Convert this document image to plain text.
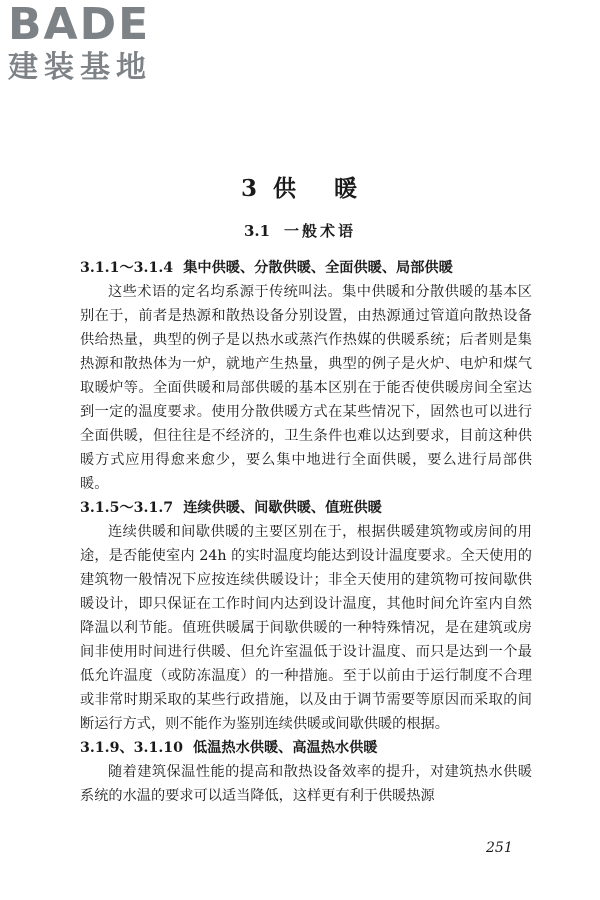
BADE
建装基地
3 供 暖
3.1 一般术语
3.1.1～3.1.4 集中供暖、分散供暖、全面供暖、局部供暖
这些术语的定名均系源于传统叫法。集中供暖和分散供暖的基本区别在于，前者是热源和散热设备分别设置，由热源通过管道向散热设备供给热量，典型的例子是以热水或蒸汽作热媒的供暖系统；后者则是集热源和散热体为一炉，就地产生热量，典型的例子是火炉、电炉和煤气取暖炉等。全面供暖和局部供暖的基本区别在于能否使供暖房间全室达到一定的温度要求。使用分散供暖方式在某些情况下，固然也可以进行全面供暖，但往往是不经济的，卫生条件也难以达到要求，目前这种供暖方式应用得愈来愈少，要么集中地进行全面供暖，要么进行局部供暖。
3.1.5～3.1.7 连续供暖、间歇供暖、值班供暖
连续供暖和间歇供暖的主要区别在于，根据供暖建筑物或房间的用途，是否能使室内 24h 的实时温度均能达到设计温度要求。全天使用的建筑物一般情况下应按连续供暖设计；非全天使用的建筑物可按间歇供暖设计，即只保证在工作时间内达到设计温度，其他时间允许室内自然降温以利节能。值班供暖属于间歇供暖的一种特殊情况，是在建筑或房间非使用时间进行供暖、但允许室温低于设计温度、而只是达到一个最低允许温度（或防冻温度）的一种措施。至于以前由于运行制度不合理或非常时期采取的某些行政措施，以及由于调节需要等原因而采取的间断运行方式，则不能作为鉴别连续供暖或间歇供暖的根据。
3.1.9、3.1.10 低温热水供暖、高温热水供暖
随着建筑保温性能的提高和散热设备效率的提升，对建筑热水供暖系统的水温的要求可以适当降低，这样更有利于供暖热源
251
